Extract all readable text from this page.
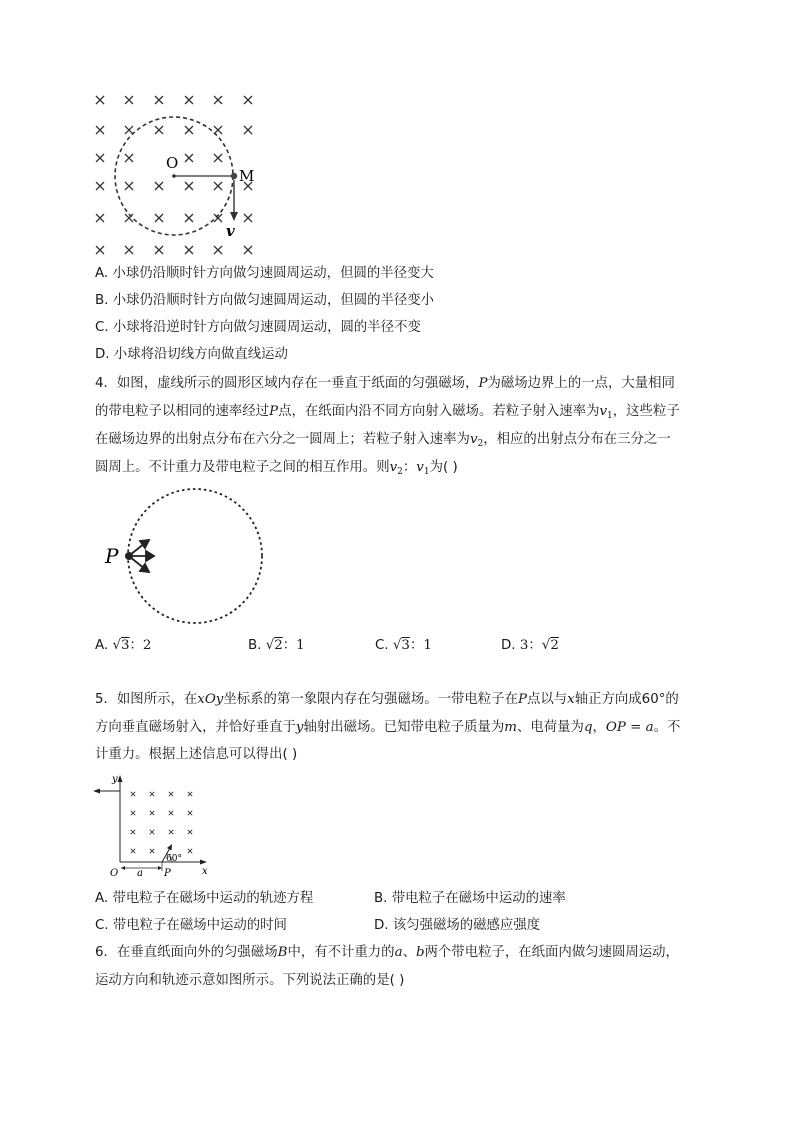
O
M
v
A. 小球仍沿顺时针方向做匀速圆周运动，但圆的半径变大
B. 小球仍沿顺时针方向做匀速圆周运动，但圆的半径变小
C. 小球将沿逆时针方向做匀速圆周运动，圆的半径不变
D. 小球将沿切线方向做直线运动
4．如图，虚线所示的圆形区域内存在一垂直于纸面的匀强磁场，P为磁场边界上的一点，大量相同
的带电粒子以相同的速率经过P点，在纸面内沿不同方向射入磁场。若粒子射入速率为$v_1$，这些粒子
在磁场边界的出射点分布在六分之一圆周上；若粒子射入速率为$v_2$，相应的出射点分布在三分之一
圆周上。不计重力及带电粒子之间的相互作用。则$v_2$：$v_1$为( )
P
A. √3：2	B. √2：1	C. √3：1	D. 3：√2
5．如图所示，在xOy坐标系的第一象限内存在匀强磁场。一带电粒子在P点以与x轴正方向成60°的
方向垂直磁场射入，并恰好垂直于y轴射出磁场。已知带电粒子质量为m、电荷量为q，OP = a。不
计重力。根据上述信息可以得出( )
y
x
O a P
60°
A. 带电粒子在磁场中运动的轨迹方程	B. 带电粒子在磁场中运动的速率
C. 带电粒子在磁场中运动的时间	D. 该匀强磁场的磁感应强度
6．在垂直纸面向外的匀强磁场B中，有不计重力的a、b两个带电粒子，在纸面内做匀速圆周运动，
运动方向和轨迹示意如图所示。下列说法正确的是( )
